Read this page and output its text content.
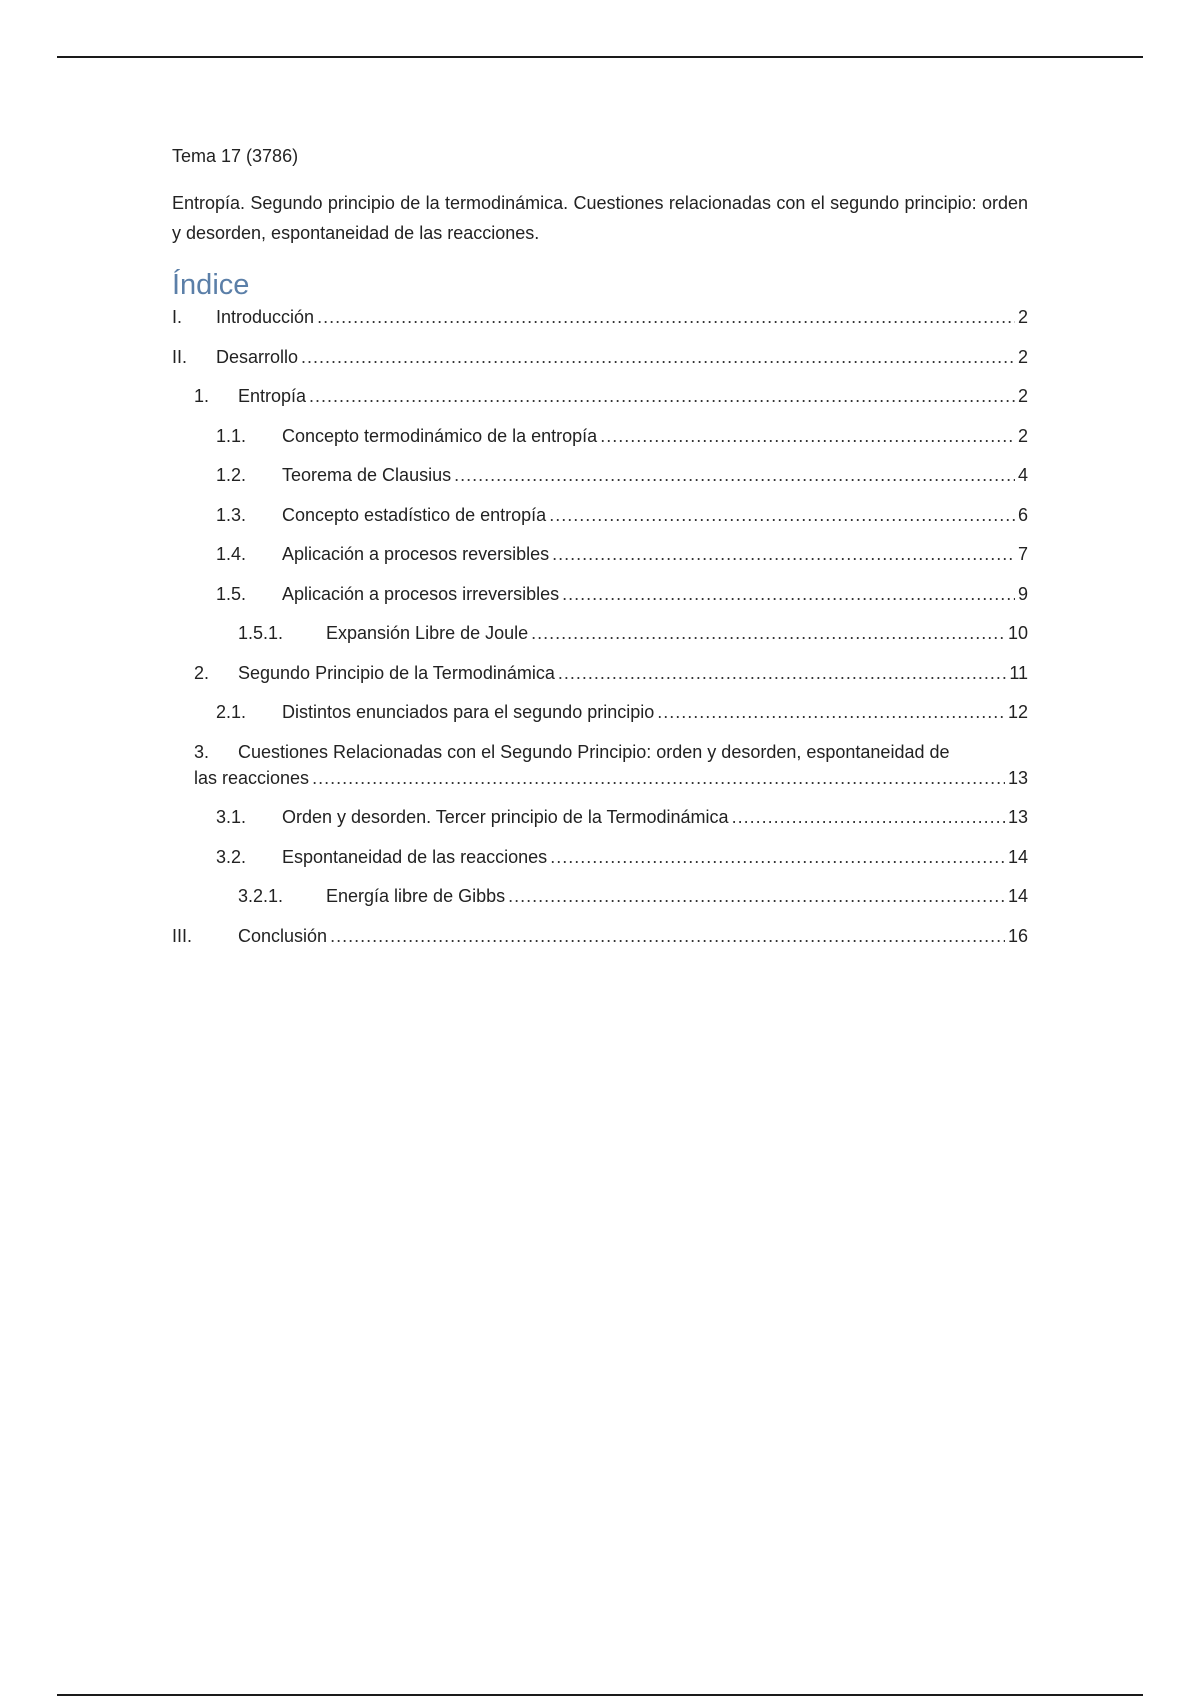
Tema 17 (3786)

Entropía. Segundo principio de la termodinámica. Cuestiones relacionadas con el segundo principio: orden y desorden, espontaneidad de las reacciones.

Índice
I.	Introducción .....	2
II.	Desarrollo .....	2
1.	Entropía .....	2
1.1.	Concepto termodinámico de la entropía .....	2
1.2.	Teorema de Clausius .....	4
1.3.	Concepto estadístico de entropía .....	6
1.4.	Aplicación a procesos reversibles .....	7
1.5.	Aplicación a procesos irreversibles .....	9
1.5.1.	Expansión Libre de Joule .....	10
2.	Segundo Principio de la Termodinámica .....	11
2.1.	Distintos enunciados para el segundo principio .....	12
3.	Cuestiones Relacionadas con el Segundo Principio: orden y desorden, espontaneidad de
las reacciones .....	13
3.1.	Orden y desorden. Tercer principio de la Termodinámica .....	13
3.2.	Espontaneidad de las reacciones .....	14
3.2.1.	Energía libre de Gibbs .....	14
III.	Conclusión .....	16
